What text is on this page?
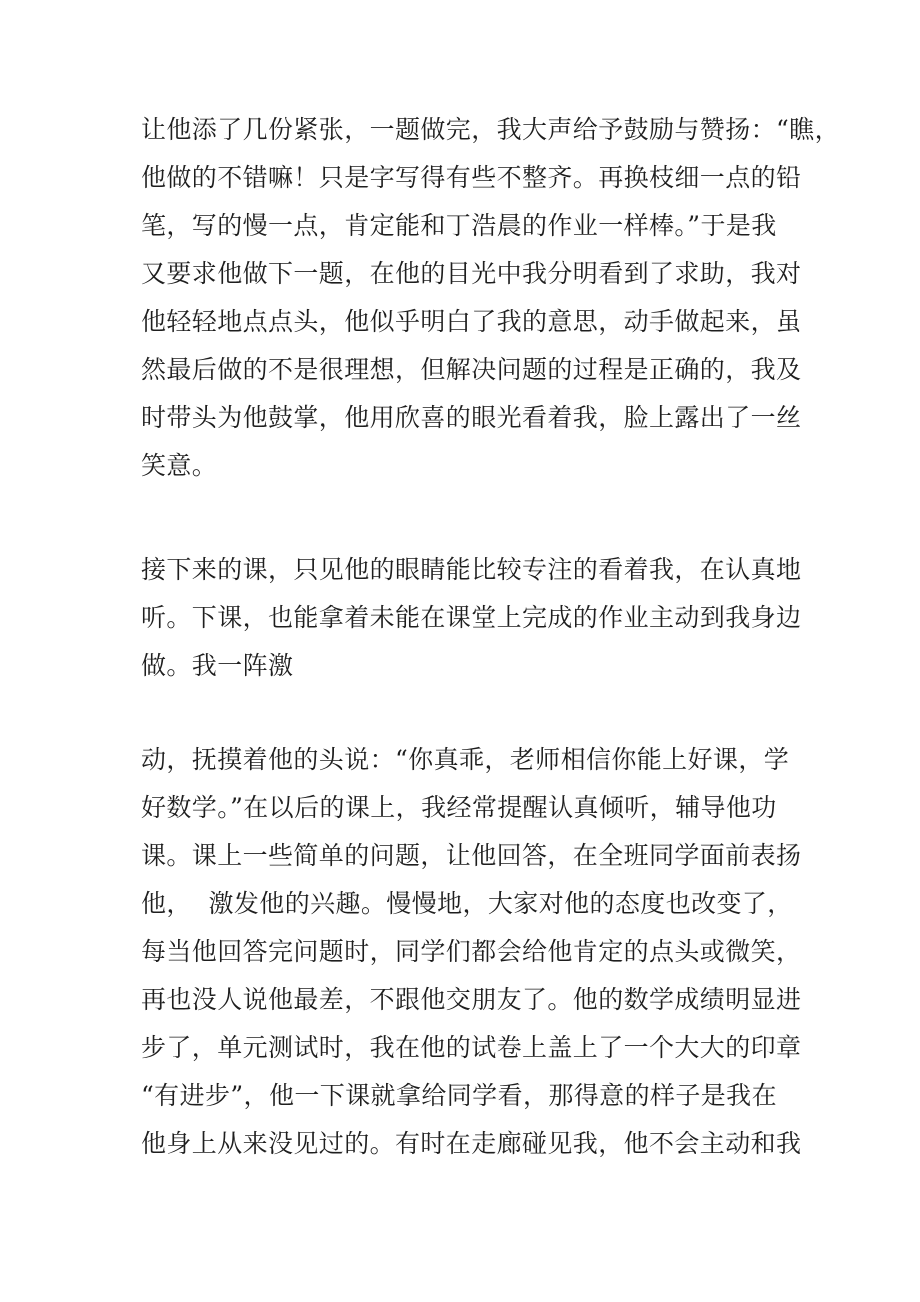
让他添了几份紧张，一题做完，我大声给予鼓励与赞扬：“瞧，
他做的不错嘛！只是字写得有些不整齐。再换枝细一点的铅
笔，写的慢一点，肯定能和丁浩晨的作业一样棒。”于是我
又要求他做下一题，在他的目光中我分明看到了求助，我对
他轻轻地点点头，他似乎明白了我的意思，动手做起来，虽
然最后做的不是很理想，但解决问题的过程是正确的，我及
时带头为他鼓掌，他用欣喜的眼光看着我，脸上露出了一丝
笑意。
接下来的课，只见他的眼睛能比较专注的看着我，在认真地
听。下课，也能拿着未能在课堂上完成的作业主动到我身边
做。我一阵激
动，抚摸着他的头说：“你真乖，老师相信你能上好课，学
好数学。”在以后的课上，我经常提醒认真倾听，辅导他功
课。课上一些简单的问题，让他回答，在全班同学面前表扬
他，  激发他的兴趣。慢慢地，大家对他的态度也改变了，
每当他回答完问题时，同学们都会给他肯定的点头或微笑，
再也没人说他最差，不跟他交朋友了。他的数学成绩明显进
步了，单元测试时，我在他的试卷上盖上了一个大大的印章
“有进步”，他一下课就拿给同学看，那得意的样子是我在
他身上从来没见过的。有时在走廊碰见我，他不会主动和我
